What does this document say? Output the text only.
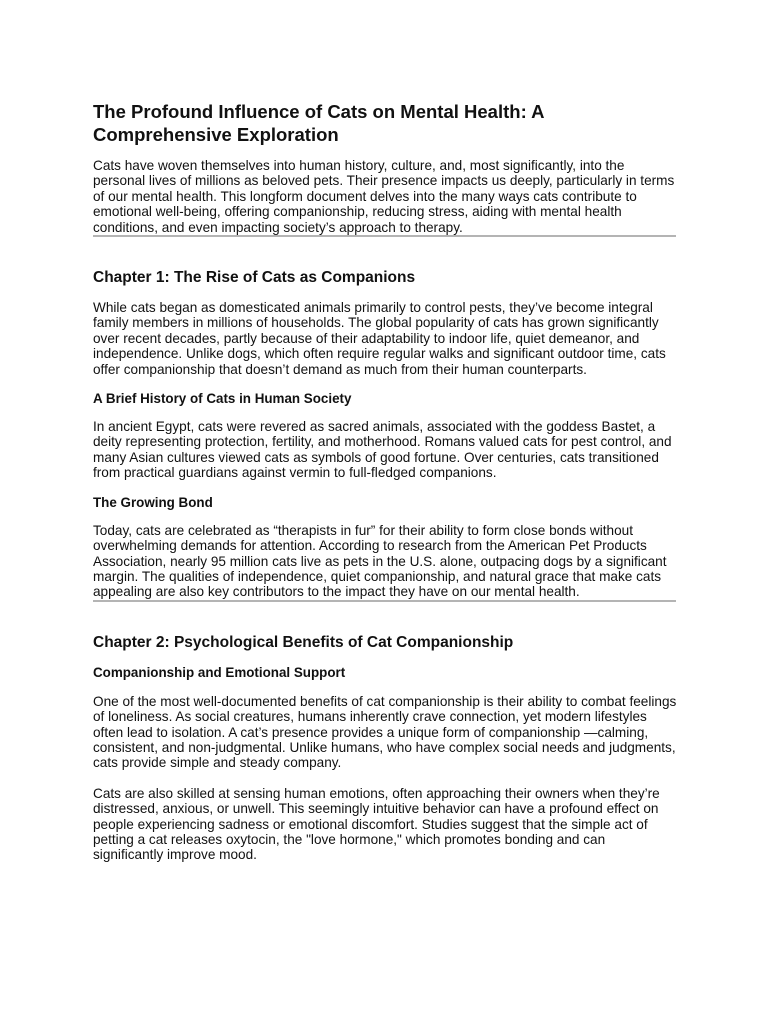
The Profound Influence of Cats on Mental Health: A Comprehensive Exploration

Cats have woven themselves into human history, culture, and, most significantly, into the personal lives of millions as beloved pets. Their presence impacts us deeply, particularly in terms of our mental health. This longform document delves into the many ways cats contribute to emotional well-being, offering companionship, reducing stress, aiding with mental health conditions, and even impacting society’s approach to therapy.

Chapter 1: The Rise of Cats as Companions

While cats began as domesticated animals primarily to control pests, they’ve become integral family members in millions of households. The global popularity of cats has grown significantly over recent decades, partly because of their adaptability to indoor life, quiet demeanor, and independence. Unlike dogs, which often require regular walks and significant outdoor time, cats offer companionship that doesn’t demand as much from their human counterparts.

A Brief History of Cats in Human Society

In ancient Egypt, cats were revered as sacred animals, associated with the goddess Bastet, a deity representing protection, fertility, and motherhood. Romans valued cats for pest control, and many Asian cultures viewed cats as symbols of good fortune. Over centuries, cats transitioned from practical guardians against vermin to full-fledged companions.

The Growing Bond

Today, cats are celebrated as “therapists in fur” for their ability to form close bonds without overwhelming demands for attention. According to research from the American Pet Products Association, nearly 95 million cats live as pets in the U.S. alone, outpacing dogs by a significant margin. The qualities of independence, quiet companionship, and natural grace that make cats appealing are also key contributors to the impact they have on our mental health.

Chapter 2: Psychological Benefits of Cat Companionship
Companionship and Emotional Support

One of the most well-documented benefits of cat companionship is their ability to combat feelings of loneliness. As social creatures, humans inherently crave connection, yet modern lifestyles often lead to isolation. A cat’s presence provides a unique form of companionship —calming, consistent, and non-judgmental. Unlike humans, who have complex social needs and judgments, cats provide simple and steady company.

Cats are also skilled at sensing human emotions, often approaching their owners when they’re distressed, anxious, or unwell. This seemingly intuitive behavior can have a profound effect on people experiencing sadness or emotional discomfort. Studies suggest that the simple act of petting a cat releases oxytocin, the "love hormone," which promotes bonding and can significantly improve mood.
